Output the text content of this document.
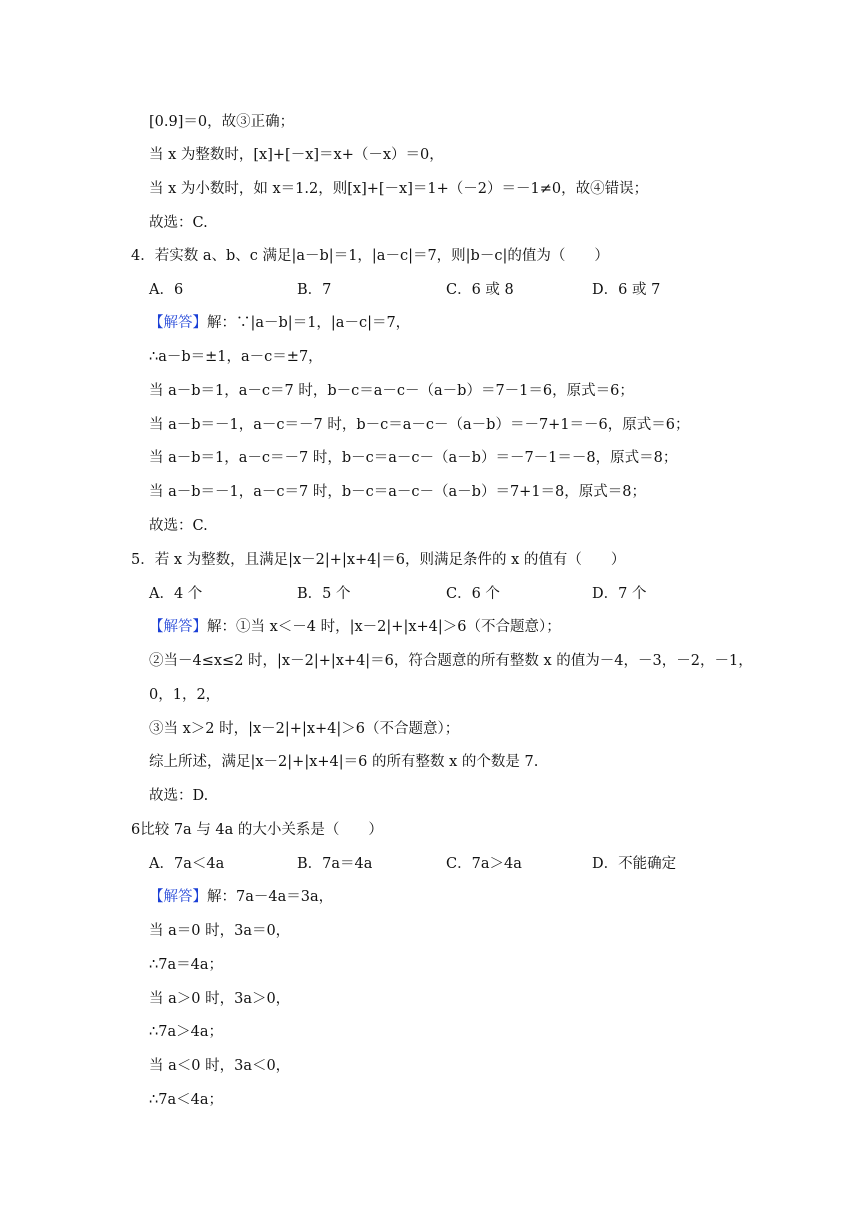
[0.9]＝0，故③正确；
当 x 为整数时，[x]+[－x]＝x+（－x）＝0，
当 x 为小数时，如 x＝1.2，则[x]+[－x]＝1+（－2）＝－1≠0，故④错误；
故选：C.
4．若实数 a、b、c 满足|a－b|＝1，|a－c|＝7，则|b－c|的值为（　　）
A．6	B．7	C．6 或 8	D．6 或 7
【解答】解：∵|a－b|＝1，|a－c|＝7，
∴a－b＝±1，a－c＝±7，
当 a－b＝1，a－c＝7 时，b－c＝a－c－（a－b）＝7－1＝6，原式＝6；
当 a－b＝－1，a－c＝－7 时，b－c＝a－c－（a－b）＝－7+1＝－6，原式＝6；
当 a－b＝1，a－c＝－7 时，b－c＝a－c－（a－b）＝－7－1＝－8，原式＝8；
当 a－b＝－1，a－c＝7 时，b－c＝a－c－（a－b）＝7+1＝8，原式＝8；
故选：C.
5．若 x 为整数，且满足|x－2|+|x+4|＝6，则满足条件的 x 的值有（　　）
A．4 个	B．5 个	C．6 个	D．7 个
【解答】解：①当 x＜－4 时，|x－2|+|x+4|＞6（不合题意）；
②当－4≤x≤2 时，|x－2|+|x+4|＝6，符合题意的所有整数 x 的值为－4，－3，－2，－1，
0，1，2，
③当 x＞2 时，|x－2|+|x+4|＞6（不合题意）；
综上所述，满足|x－2|+|x+4|＝6 的所有整数 x 的个数是 7.
故选：D.
6比较 7a 与 4a 的大小关系是（　　）
A．7a＜4a	B．7a＝4a	C．7a＞4a	D．不能确定
【解答】解：7a－4a＝3a，
当 a＝0 时，3a＝0，
∴7a＝4a；
当 a＞0 时，3a＞0，
∴7a＞4a；
当 a＜0 时，3a＜0，
∴7a＜4a；
